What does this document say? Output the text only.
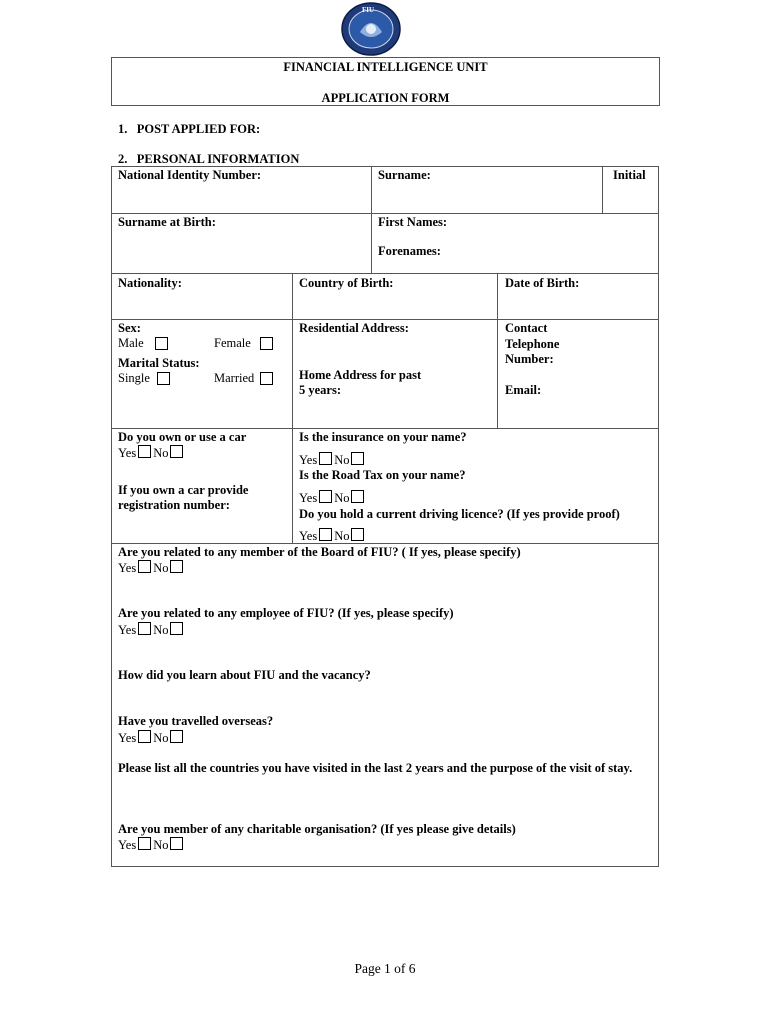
FIU
FINANCIAL INTELLIGENCE UNIT
APPLICATION FORM
1.   POST APPLIED FOR:
2.   PERSONAL INFORMATION
National Identity Number:	Surname:	Initial
Surname at Birth:	First Names:
Forenames:
Nationality:	Country of Birth:	Date of Birth:
Sex:
Male	Female
Marital Status:
Single	Married
Residential Address:
Home Address for past
5 years:
Contact
Telephone
Number:
Email:
Do you own or use a car
Yes No
If you own a car provide
registration number:
Is the insurance on your name?
Yes No
Is the Road Tax on your name?
Yes No
Do you hold a current driving licence? (If yes provide proof)
Yes No
Are you related to any member of the Board of FIU? ( If yes, please specify)
Yes No
Are you related to any employee of FIU? (If yes, please specify)
Yes No
How did you learn about FIU and the vacancy?
Have you travelled overseas?
Yes No
Please list all the countries you have visited in the last 2 years and the purpose of the visit of stay.
Are you member of any charitable organisation? (If yes please give details)
Yes No
Page 1 of 6
